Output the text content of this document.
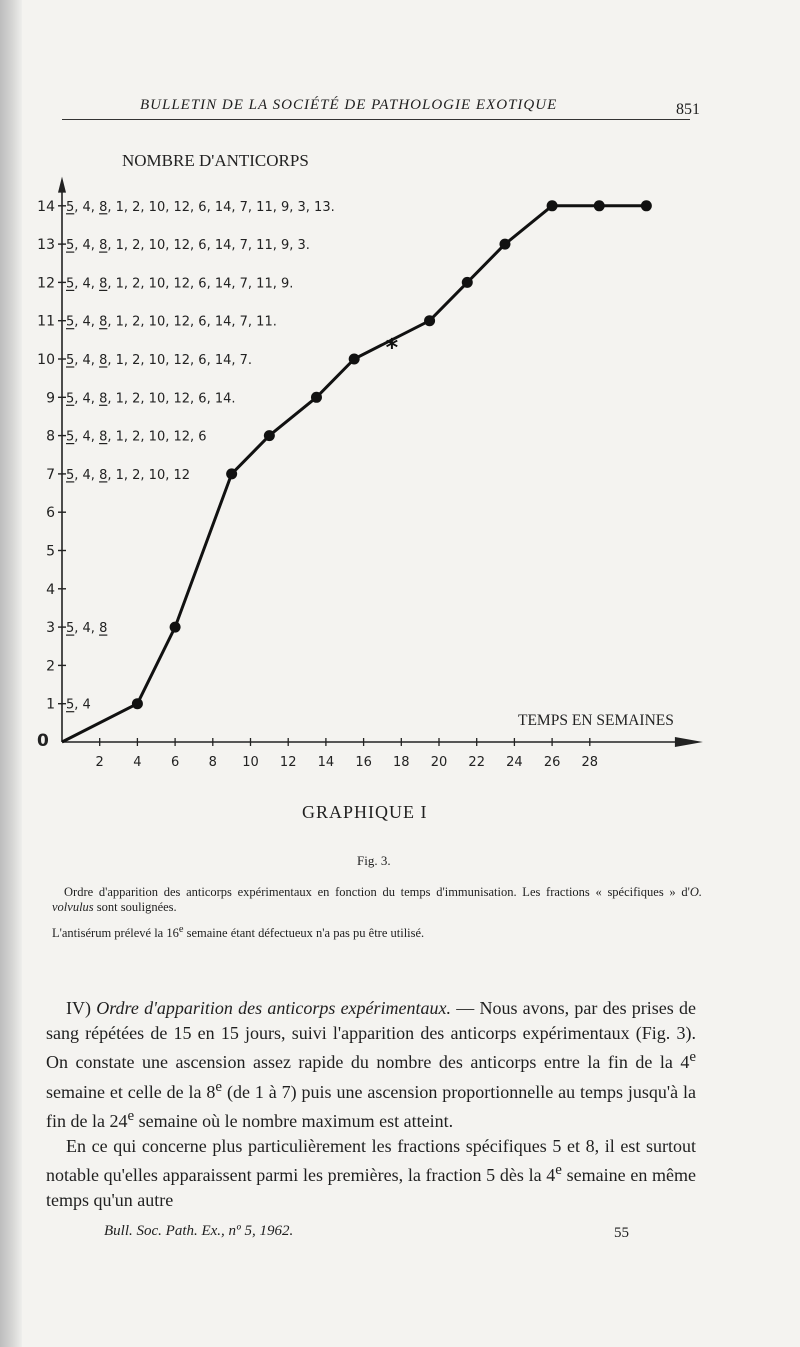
BULLETIN DE LA SOCIÉTÉ DE PATHOLOGIE EXOTIQUE	851
1
2
3
4
5
6
7
8
9
10
11
12
13
14
2 4 6 8 10 12 14 16 18 20 22 24 26 28
5, 4
5, 4, 8
5, 4, 8, 1, 2, 10, 12
5, 4, 8, 1, 2, 10, 12, 6
5, 4, 8, 1, 2, 10, 12, 6, 14.
5, 4, 8, 1, 2, 10, 12, 6, 14, 7.
5, 4, 8, 1, 2, 10, 12, 6, 14, 7, 11.
5, 4, 8, 1, 2, 10, 12, 6, 14, 7, 11, 9.
5, 4, 8, 1, 2, 10, 12, 6, 14, 7, 11, 9, 3.
5, 4, 8, 1, 2, 10, 12, 6, 14, 7, 11, 9, 3, 13.
*
NOMBRE D'ANTICORPS
TEMPS EN SEMAINES
0
GRAPHIQUE I
Fig. 3.

Ordre d'apparition des anticorps expérimentaux en fonction du temps d'immunisation. Les fractions « spécifiques » d'O. volvulus sont soulignées.

L'antisérum prélevé la 16e semaine étant défectueux n'a pas pu être utilisé.

IV) Ordre d'apparition des anticorps expérimentaux. — Nous avons, par des prises de sang répétées de 15 en 15 jours, suivi l'apparition des anticorps expérimentaux (Fig. 3). On constate une ascension assez rapide du nombre des anticorps entre la fin de la 4e semaine et celle de la 8e (de 1 à 7) puis une ascension proportionnelle au temps jusqu'à la fin de la 24e semaine où le nombre maximum est atteint.

En ce qui concerne plus particulièrement les fractions spécifiques 5 et 8, il est surtout notable qu'elles apparaissent parmi les premières, la fraction 5 dès la 4e semaine en même temps qu'un autre

Bull. Soc. Path. Ex., nº 5, 1962.	55
